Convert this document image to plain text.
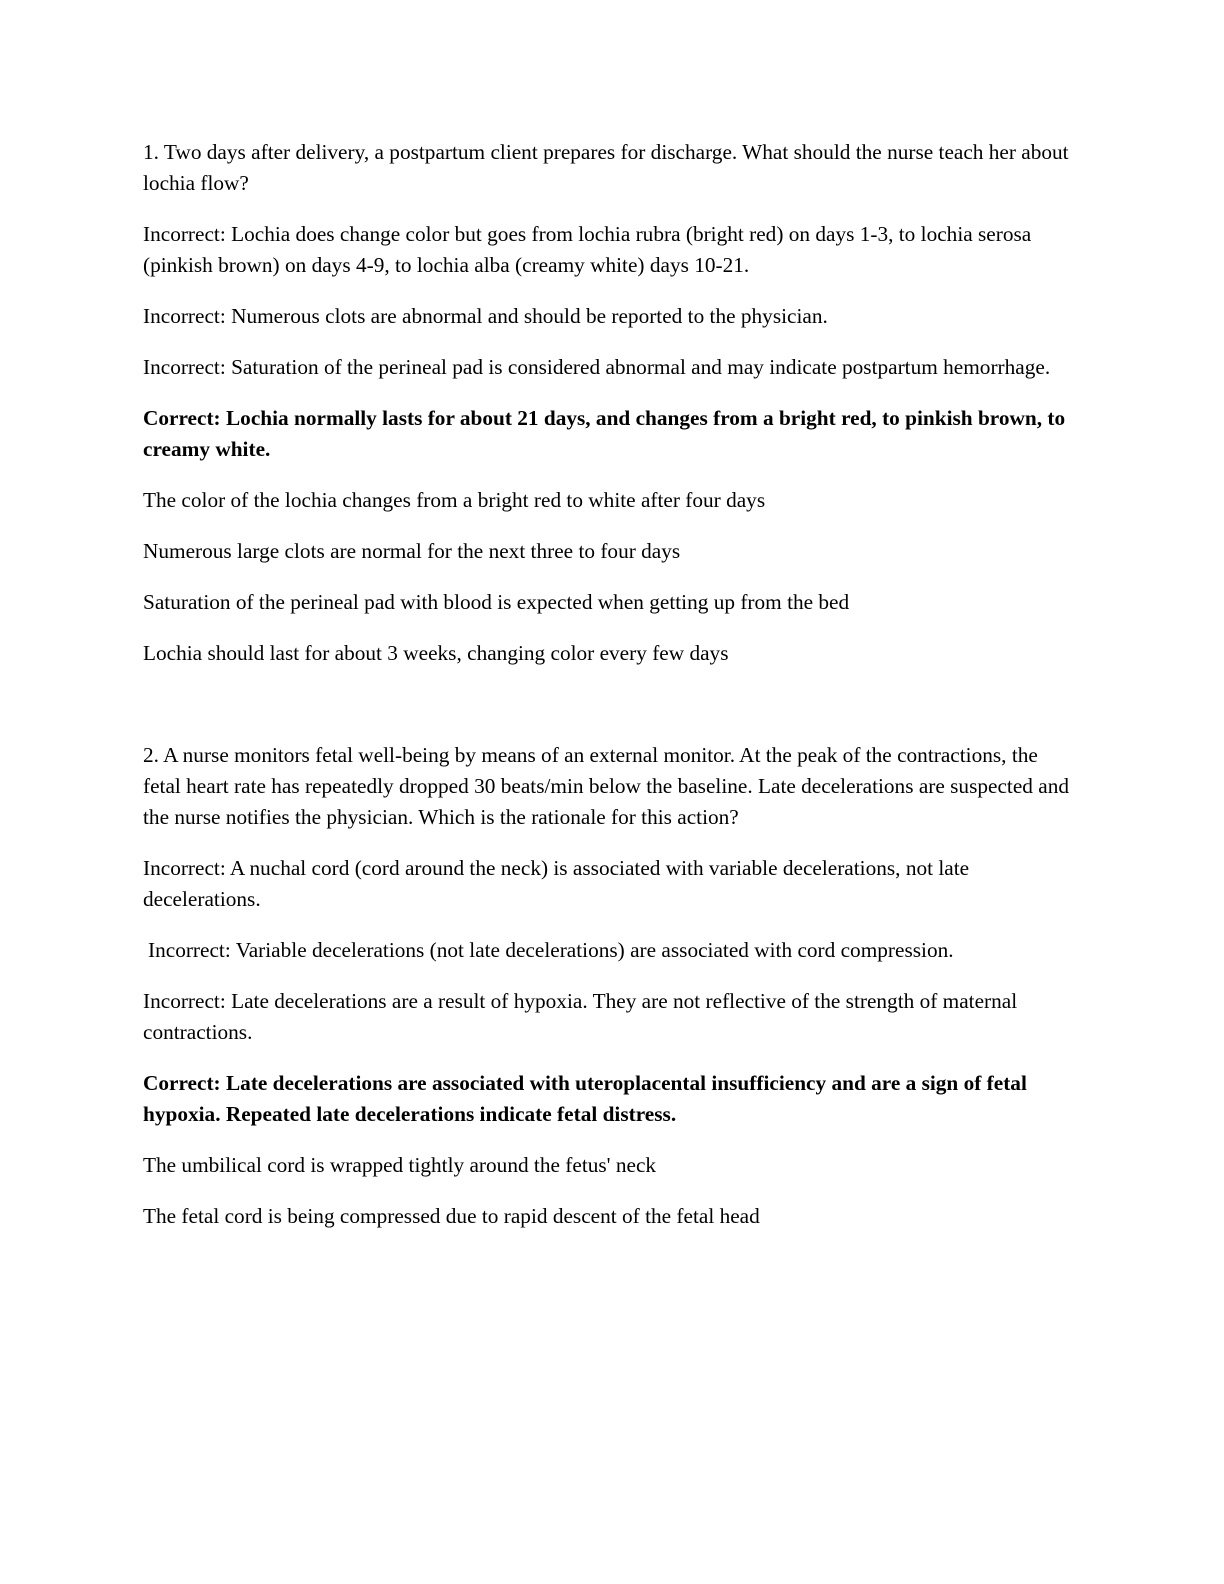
1. Two days after delivery, a postpartum client prepares for discharge. What should the nurse teach her about lochia flow?

Incorrect: Lochia does change color but goes from lochia rubra (bright red) on days 1-3, to lochia serosa (pinkish brown) on days 4-9, to lochia alba (creamy white) days 10-21.

Incorrect: Numerous clots are abnormal and should be reported to the physician.

Incorrect: Saturation of the perineal pad is considered abnormal and may indicate postpartum hemorrhage.

Correct: Lochia normally lasts for about 21 days, and changes from a bright red, to pinkish brown, to creamy white.

The color of the lochia changes from a bright red to white after four days

Numerous large clots are normal for the next three to four days

Saturation of the perineal pad with blood is expected when getting up from the bed

Lochia should last for about 3 weeks, changing color every few days

2. A nurse monitors fetal well-being by means of an external monitor. At the peak of the contractions, the fetal heart rate has repeatedly dropped 30 beats/min below the baseline. Late decelerations are suspected and the nurse notifies the physician. Which is the rationale for this action?

Incorrect: A nuchal cord (cord around the neck) is associated with variable decelerations, not late decelerations.

Incorrect: Variable decelerations (not late decelerations) are associated with cord compression.

Incorrect: Late decelerations are a result of hypoxia. They are not reflective of the strength of maternal contractions.

Correct: Late decelerations are associated with uteroplacental insufficiency and are a sign of fetal hypoxia. Repeated late decelerations indicate fetal distress.

The umbilical cord is wrapped tightly around the fetus' neck

The fetal cord is being compressed due to rapid descent of the fetal head
